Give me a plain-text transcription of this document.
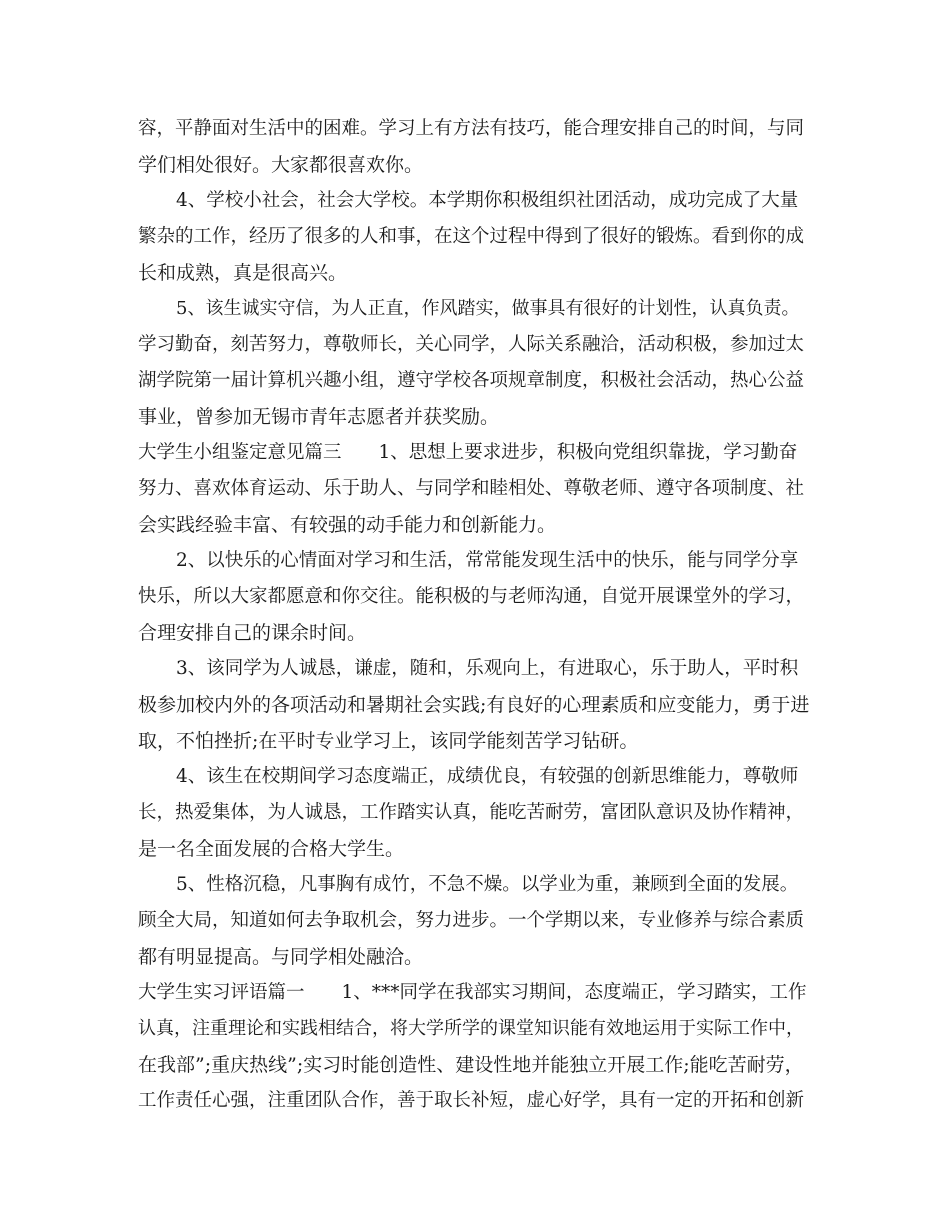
容，平静面对生活中的困难。学习上有方法有技巧，能合理安排自己的时间，与同
学们相处很好。大家都很喜欢你。
4、学校小社会，社会大学校。本学期你积极组织社团活动，成功完成了大量
繁杂的工作，经历了很多的人和事，在这个过程中得到了很好的锻炼。看到你的成
长和成熟，真是很高兴。
5、该生诚实守信，为人正直，作风踏实，做事具有很好的计划性，认真负责。
学习勤奋，刻苦努力，尊敬师长，关心同学，人际关系融洽，活动积极，参加过太
湖学院第一届计算机兴趣小组，遵守学校各项规章制度，积极社会活动，热心公益
事业，曾参加无锡市青年志愿者并获奖励。
大学生小组鉴定意见篇三　　1、思想上要求进步，积极向党组织靠拢，学习勤奋
努力、喜欢体育运动、乐于助人、与同学和睦相处、尊敬老师、遵守各项制度、社
会实践经验丰富、有较强的动手能力和创新能力。
2、以快乐的心情面对学习和生活，常常能发现生活中的快乐，能与同学分享
快乐，所以大家都愿意和你交往。能积极的与老师沟通，自觉开展课堂外的学习，
合理安排自己的课余时间。
3、该同学为人诚恳，谦虚，随和，乐观向上，有进取心，乐于助人，平时积
极参加校内外的各项活动和暑期社会实践;有良好的心理素质和应变能力，勇于进
取，不怕挫折;在平时专业学习上，该同学能刻苦学习钻研。
4、该生在校期间学习态度端正，成绩优良，有较强的创新思维能力，尊敬师
长，热爱集体，为人诚恳，工作踏实认真，能吃苦耐劳，富团队意识及协作精神，
是一名全面发展的合格大学生。
5、性格沉稳，凡事胸有成竹，不急不燥。以学业为重，兼顾到全面的发展。
顾全大局，知道如何去争取机会，努力进步。一个学期以来，专业修养与综合素质
都有明显提高。与同学相处融洽。
大学生实习评语篇一　　1、***同学在我部实习期间，态度端正，学习踏实，工作
认真，注重理论和实践相结合，将大学所学的课堂知识能有效地运用于实际工作中，
在我部”;重庆热线”;实习时能创造性、建设性地并能独立开展工作;能吃苦耐劳，
工作责任心强，注重团队合作，善于取长补短，虚心好学，具有一定的开拓和创新
